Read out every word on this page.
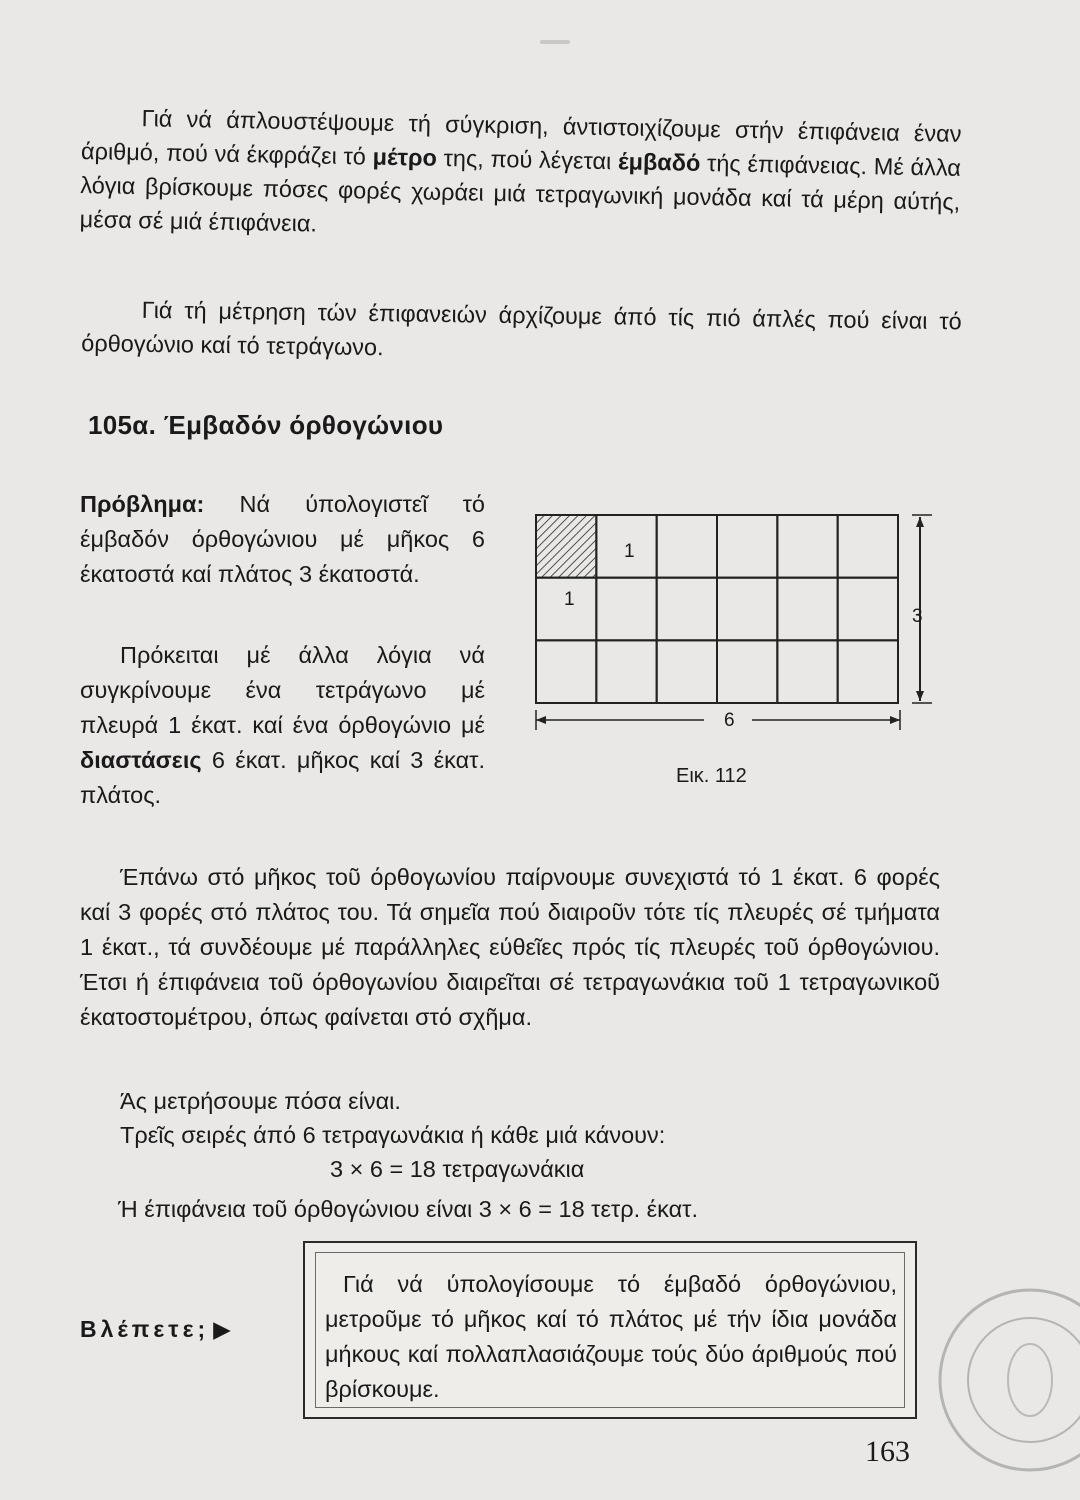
Γιά νά άπλουστέψουμε τή σύγκριση, άντιστοιχίζουμε στήν έπιφάνεια έναν άριθμό, πού νά έκφράζει τό μέτρο της, πού λέγεται έμβαδό τής έπιφάνειας. Μέ άλλα λόγια βρίσκουμε πόσες φορές χωράει μιά τετραγωνική μονάδα καί τά μέρη αύτής, μέσα σέ μιά έπιφάνεια.

Γιά τή μέτρηση τών έπιφανειών άρχίζουμε άπό τίς πιό άπλές πού είναι τό όρθογώνιο καί τό τετράγωνο.

105α. Έμβαδόν όρθογώνιου

Πρόβλημα: Νά ύπολογιστεῖ τό έμβαδόν όρθογώνιου μέ μῆκος 6 έκατοστά καί πλάτος 3 έκατοστά.

Πρόκειται μέ άλλα λόγια νά συγκρίνουμε ένα τετράγωνο μέ πλευρά 1 έκατ. καί ένα όρθογώνιο μέ διαστάσεις 6 έκατ. μῆκος καί 3 έκατ. πλάτος.

1
1
3
6
Εικ. 112

Έπάνω στό μῆκος τοῦ όρθογωνίου παίρνουμε συνεχιστά τό 1 έκατ. 6 φορές καί 3 φορές στό πλάτος του. Τά σημεῖα πού διαιροῦν τότε τίς πλευρές σέ τμήματα 1 έκατ., τά συνδέουμε μέ παράλληλες εύθεῖες πρός τίς πλευρές τοῦ όρθογώνιου. Έτσι ή έπιφάνεια τοῦ όρθογωνίου διαιρεῖται σέ τετραγωνάκια τοῦ 1 τετραγωνικοῦ έκατοστομέτρου, όπως φαίνεται στό σχῆμα.

Άς μετρήσουμε πόσα είναι.
Τρεῖς σειρές άπό 6 τετραγωνάκια ή κάθε μιά κάνουν:
3 × 6 = 18 τετραγωνάκια

Ή έπιφάνεια τοῦ όρθογώνιου είναι 3 × 6 = 18 τετρ. έκατ.

Βλέπετε; ▶

Γιά νά ύπολογίσουμε τό έμβαδό όρθογώνιου, μετροῦμε τό μῆκος καί τό πλάτος μέ τήν ίδια μονάδα μήκους καί πολλαπλασιάζουμε τούς δύο άριθμούς πού βρίσκουμε.

163
